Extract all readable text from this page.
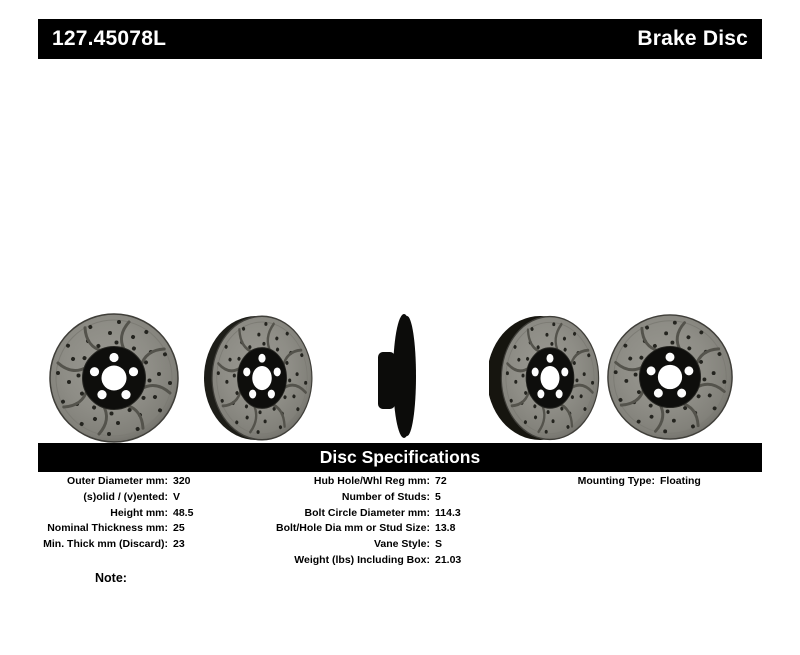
127.45078L	Brake Disc
Disc Specifications
Outer Diameter mm: 320
(s)olid / (v)ented: V
Height mm: 48.5
Nominal Thickness mm: 25
Min. Thick mm (Discard): 23
Hub Hole/Whl Reg mm: 72
Number of Studs: 5
Bolt Circle Diameter mm: 114.3
Bolt/Hole Dia mm or Stud Size: 13.8
Vane Style: S
Weight (lbs) Including Box: 21.03
Mounting Type: Floating
Note:
